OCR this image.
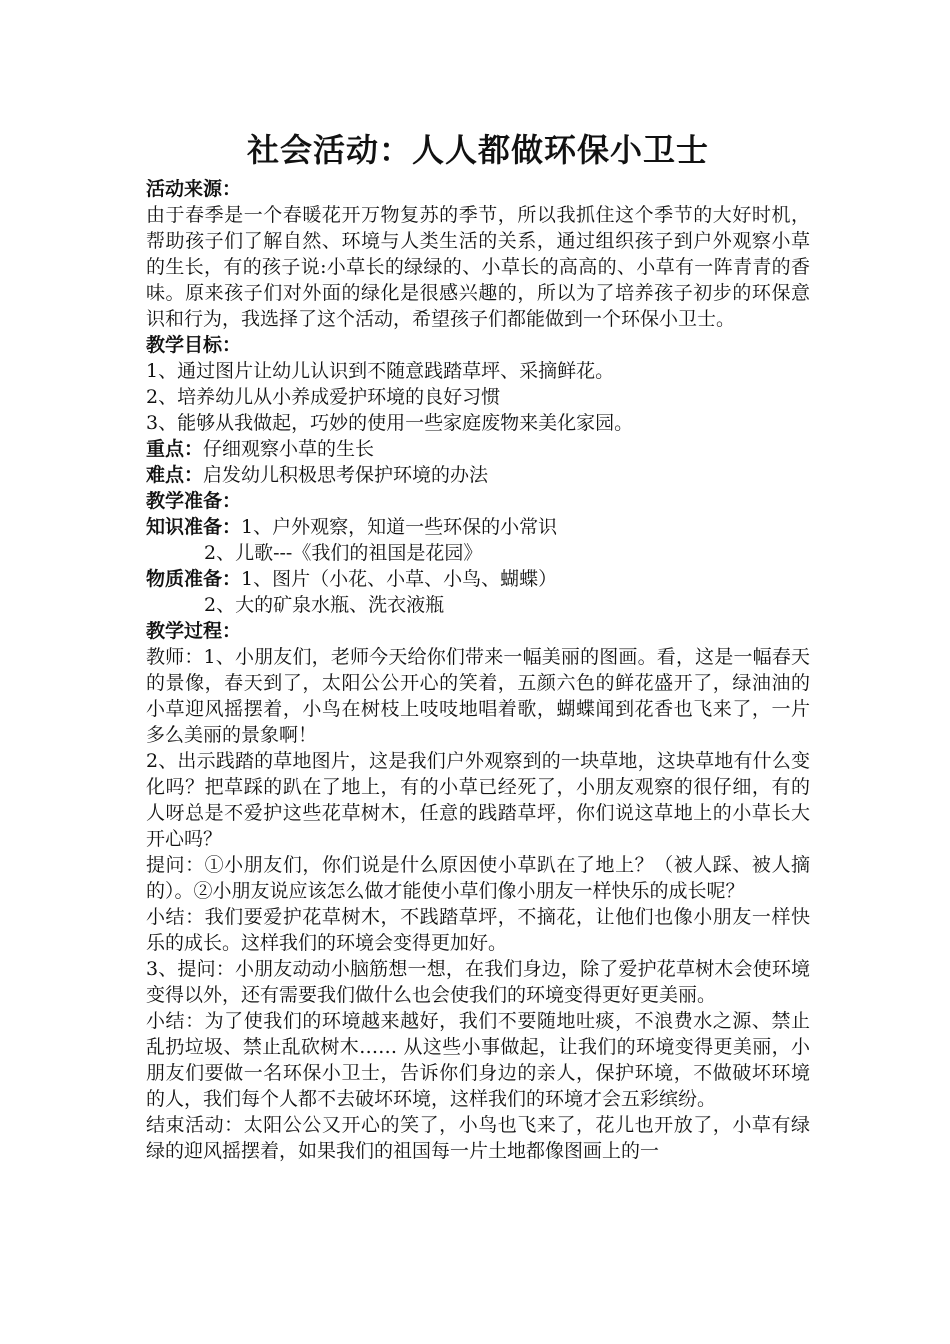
社会活动：人人都做环保小卫士
活动来源：
由于春季是一个春暖花开万物复苏的季节，所以我抓住这个季节的大好时机，帮助孩子们了解自然、环境与人类生活的关系，通过组织孩子到户外观察小草的生长，有的孩子说:小草长的绿绿的、小草长的高高的、小草有一阵青青的香味。原来孩子们对外面的绿化是很感兴趣的，所以为了培养孩子初步的环保意识和行为，我选择了这个活动，希望孩子们都能做到一个环保小卫士。
教学目标：
1、通过图片让幼儿认识到不随意践踏草坪、采摘鲜花。
2、培养幼儿从小养成爱护环境的良好习惯
3、能够从我做起，巧妙的使用一些家庭废物来美化家园。
重点：仔细观察小草的生长
难点：启发幼儿积极思考保护环境的办法
教学准备：
知识准备：1、户外观察，知道一些环保的小常识
2、儿歌---《我们的祖国是花园》
物质准备：1、图片（小花、小草、小鸟、蝴蝶）
2、大的矿泉水瓶、洗衣液瓶
教学过程：
教师：1、小朋友们，老师今天给你们带来一幅美丽的图画。看，这是一幅春天的景像，春天到了，太阳公公开心的笑着，五颜六色的鲜花盛开了，绿油油的小草迎风摇摆着，小鸟在树枝上吱吱地唱着歌，蝴蝶闻到花香也飞来了，一片多么美丽的景象啊！
2、出示践踏的草地图片，这是我们户外观察到的一块草地，这块草地有什么变化吗？把草踩的趴在了地上，有的小草已经死了，小朋友观察的很仔细，有的人呀总是不爱护这些花草树木，任意的践踏草坪，你们说这草地上的小草长大开心吗？
提问：①小朋友们，你们说是什么原因使小草趴在了地上？（被人踩、被人摘的）。②小朋友说应该怎么做才能使小草们像小朋友一样快乐的成长呢？
小结：我们要爱护花草树木，不践踏草坪，不摘花，让他们也像小朋友一样快乐的成长。这样我们的环境会变得更加好。
3、提问：小朋友动动小脑筋想一想，在我们身边，除了爱护花草树木会使环境变得以外，还有需要我们做什么也会使我们的环境变得更好更美丽。
小结：为了使我们的环境越来越好，我们不要随地吐痰，不浪费水之源、禁止乱扔垃圾、禁止乱砍树木…… 从这些小事做起，让我们的环境变得更美丽，小朋友们要做一名环保小卫士，告诉你们身边的亲人，保护环境，不做破坏环境的人，我们每个人都不去破坏环境，这样我们的环境才会五彩缤纷。
结束活动：太阳公公又开心的笑了，小鸟也飞来了，花儿也开放了，小草有绿绿的迎风摇摆着，如果我们的祖国每一片土地都像图画上的一
